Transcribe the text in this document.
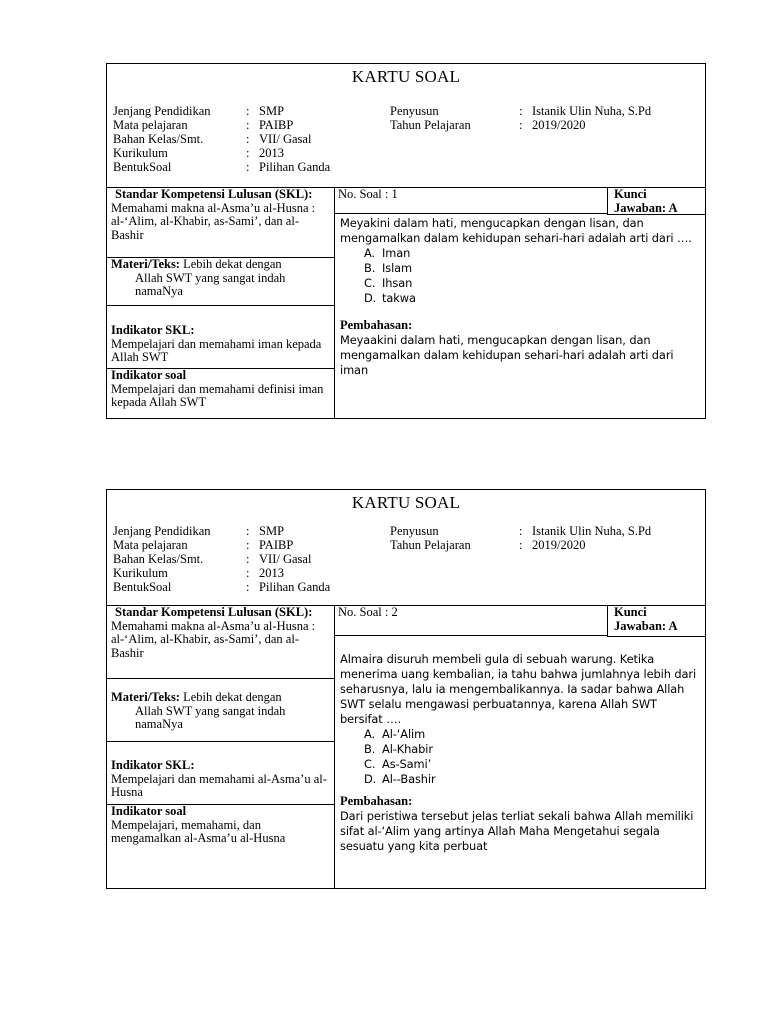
KARTU SOAL
Jenjang Pendidikan
Mata pelajaran
Bahan Kelas/Smt.
Kurikulum
BentukSoal
:
:
:
:
:
SMP
PAIBP
VII/ Gasal
2013
Pilihan Ganda
Penyusun
Tahun Pelajaran
:
:
Istanik Ulin Nuha, S.Pd
2019/2020
Standar Kompetensi Lulusan (SKL):
Memahami makna al-Asma’u al-Husna : al-‘Alim, al-Khabir, as-Sami’, dan al-Bashir
Materi/Teks: Lebih dekat dengan
Allah SWT yang sangat indah namaNya
Indikator SKL:
Mempelajari dan memahami iman kepada Allah SWT
Indikator soal
Mempelajari dan memahami definisi iman kepada Allah SWT
No. Soal : 1	Kunci Jawaban: A
Meyakini dalam hati, mengucapkan dengan lisan, dan mengamalkan dalam kehidupan sehari-hari adalah arti dari ….
A. Iman
B. Islam
C. Ihsan
D. takwa
Pembahasan:
Meyaakini dalam hati, mengucapkan dengan lisan, dan mengamalkan dalam kehidupan sehari-hari adalah arti dari iman
KARTU SOAL
Jenjang Pendidikan
Mata pelajaran
Bahan Kelas/Smt.
Kurikulum
BentukSoal
:
:
:
:
:
SMP
PAIBP
VII/ Gasal
2013
Pilihan Ganda
Penyusun
Tahun Pelajaran
:
:
Istanik Ulin Nuha, S.Pd
2019/2020
Standar Kompetensi Lulusan (SKL):
Memahami makna al-Asma’u al-Husna : al-‘Alim, al-Khabir, as-Sami’, dan al-Bashir
Materi/Teks: Lebih dekat dengan
Allah SWT yang sangat indah namaNya
Indikator SKL:
Mempelajari dan memahami al-Asma’u al-Husna
Indikator soal
Mempelajari, memahami, dan mengamalkan al-Asma’u al-Husna
No. Soal : 2	Kunci Jawaban: A
Almaira disuruh membeli gula di sebuah warung. Ketika menerima uang kembalian, ia tahu bahwa jumlahnya lebih dari seharusnya, lalu ia mengembalikannya. Ia sadar bahwa Allah SWT selalu mengawasi perbuatannya, karena Allah SWT bersifat ….
A. Al-‘Alim
B. Al-Khabir
C. As-Sami’
D. Al--Bashir
Pembahasan:
Dari peristiwa tersebut jelas terliat sekali bahwa Allah memiliki sifat al-‘Alim yang artinya Allah Maha Mengetahui segala sesuatu yang kita perbuat
